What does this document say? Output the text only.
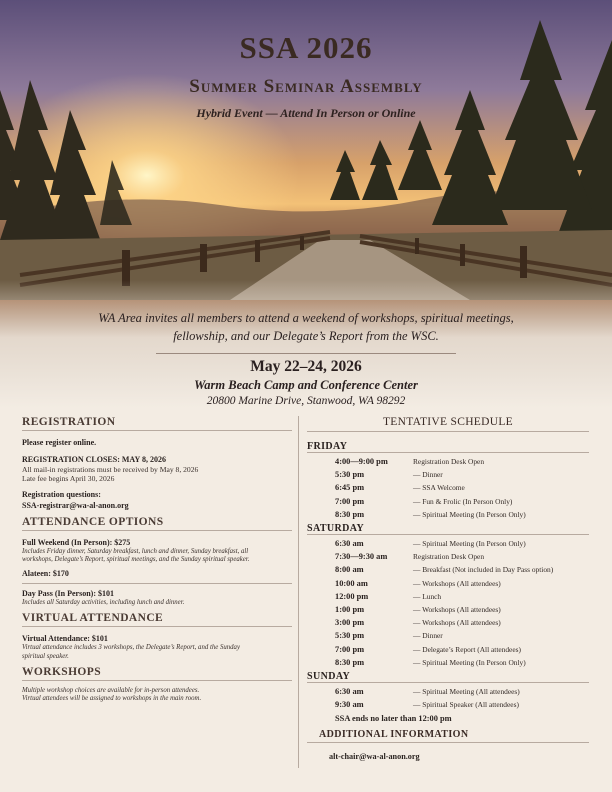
SSA 2026
Summer Seminar Assembly
Hybrid Event — Attend In Person or Online
WA Area invites all members to attend a weekend of workshops, spiritual meetings,
fellowship, and our Delegate’s Report from the WSC.
May 22–24, 2026
Warm Beach Camp and Conference Center
20800 Marine Drive, Stanwood, WA 98292
REGISTRATION
Please register online.
REGISTRATION CLOSES: MAY 8, 2026
All mail-in registrations must be received by May 8, 2026
Late fee begins April 30, 2026
Registration questions:
SSA-registrar@wa-al-anon.org
ATTENDANCE OPTIONS
Full Weekend (In Person): $275
Includes Friday dinner, Saturday breakfast, lunch and dinner, Sunday breakfast, all
workshops, Delegate’s Report, spiritual meetings, and the Sunday spiritual speaker.
Alateen: $170
Day Pass (In Person): $101
Includes all Saturday activities, including lunch and dinner.
VIRTUAL ATTENDANCE
Virtual Attendance: $101
Virtual attendance includes 3 workshops, the Delegate’s Report, and the Sunday
spiritual speaker.
WORKSHOPS
Multiple workshop choices are available for in-person attendees.
Virtual attendees will be assigned to workshops in the main room.
TENTATIVE SCHEDULE
FRIDAY
4:00—9:00 pm	Registration Desk Open
5:30 pm	— Dinner
6:45 pm	— SSA Welcome
7:00 pm	— Fun & Frolic (In Person Only)
8:30 pm	— Spiritual Meeting (In Person Only)
SATURDAY
6:30 am	— Spiritual Meeting (In Person Only)
7:30—9:30 am	Registration Desk Open
8:00 am	— Breakfast (Not included in Day Pass option)
10:00 am	— Workshops (All attendees)
12:00 pm	— Lunch
1:00 pm	— Workshops (All attendees)
3:00 pm	— Workshops (All attendees)
5:30 pm	— Dinner
7:00 pm	— Delegate’s Report (All attendees)
8:30 pm	— Spiritual Meeting (In Person Only)
SUNDAY
6:30 am	— Spiritual Meeting (All attendees)
9:30 am	— Spiritual Speaker (All attendees)
SSA ends no later than 12:00 pm
ADDITIONAL INFORMATION
alt-chair@wa-al-anon.org
